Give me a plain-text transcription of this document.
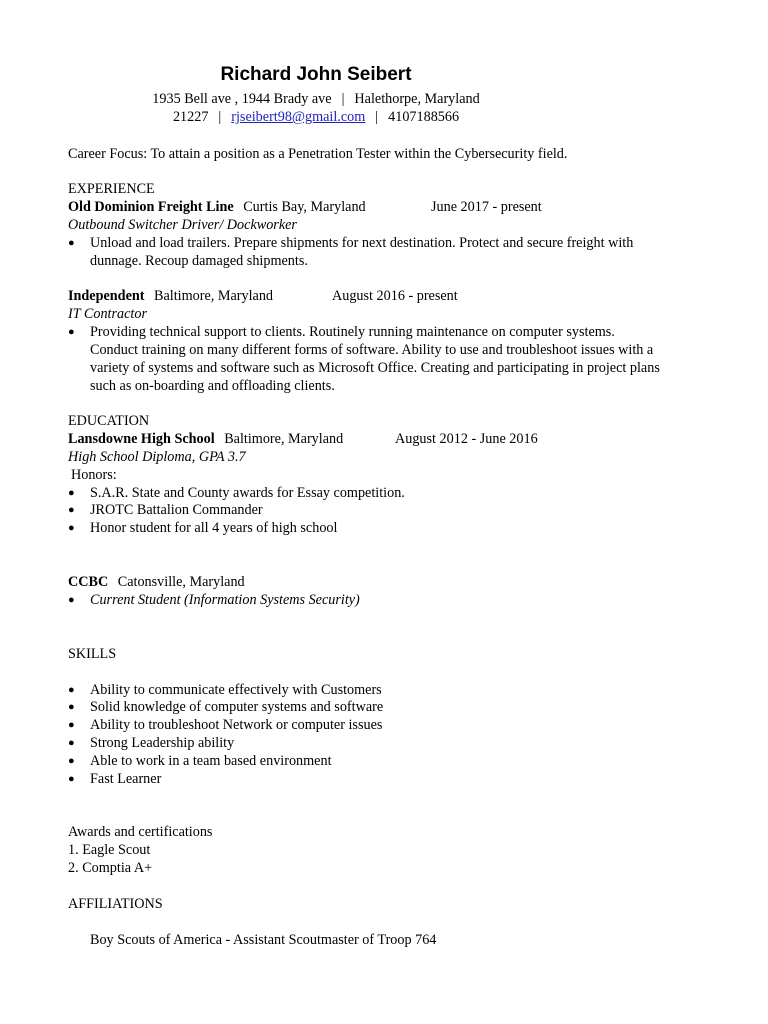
Richard John Seibert
1935 Bell ave , 1944 Brady ave | Halethorpe, Maryland
21227 | rjseibert98@gmail.com | 4107188566
Career Focus: To attain a position as a Penetration Tester within the Cybersecurity field.
EXPERIENCE
Old Dominion Freight Line Curtis Bay, Maryland	June 2017 - present
Outbound Switcher Driver/ Dockworker
● Unload and load trailers. Prepare shipments for next destination. Protect and secure freight with
dunnage. Recoup damaged shipments.
Independent Baltimore, Maryland	August 2016 - present
IT Contractor
● Providing technical support to clients. Routinely running maintenance on computer systems.
Conduct training on many different forms of software. Ability to use and troubleshoot issues with a
variety of systems and software such as Microsoft Office. Creating and participating in project plans
such as on-boarding and offloading clients.
EDUCATION
Lansdowne High School Baltimore, Maryland	August 2012 - June 2016
High School Diploma, GPA 3.7
Honors:
● S.A.R. State and County awards for Essay competition.
● JROTC Battalion Commander
● Honor student for all 4 years of high school
CCBC Catonsville, Maryland
● Current Student (Information Systems Security)
SKILLS
● Ability to communicate effectively with Customers
● Solid knowledge of computer systems and software
● Ability to troubleshoot Network or computer issues
● Strong Leadership ability
● Able to work in a team based environment
● Fast Learner
Awards and certifications
1. Eagle Scout
2. Comptia A+
AFFILIATIONS
Boy Scouts of America - Assistant Scoutmaster of Troop 764
